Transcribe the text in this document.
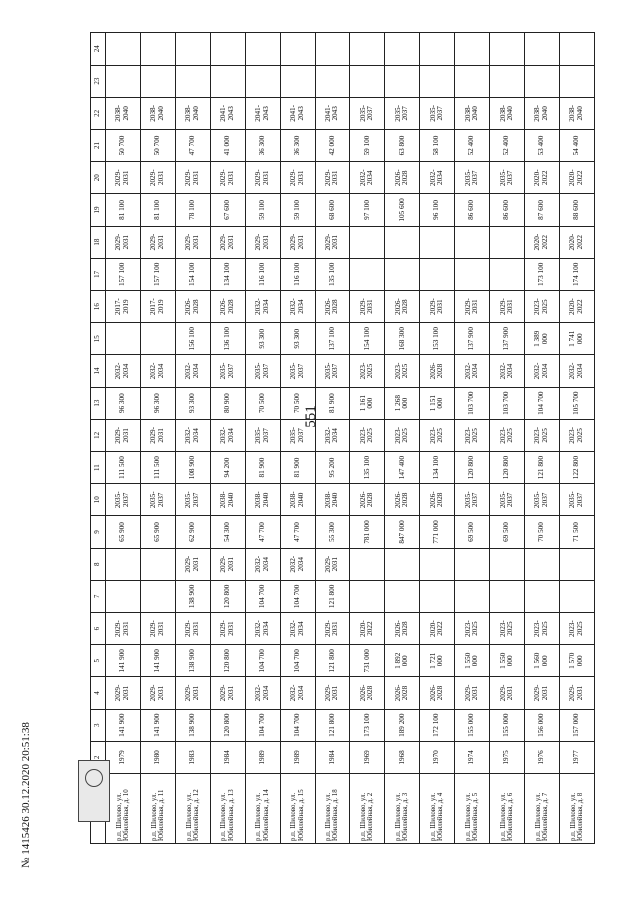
551
	2	3	4	5	6	7	8	9	10	11	12	13	14	15	16	17	18	19	20	21	22	23	24
р.п. Шилово, ул. Юбилейная, д. 10	1979	141 900	2029-2031	141 900	2029-2031			65 900	2035-2037	111 500	2029-2031	96 300	2032-2034		2017-2019	157 100	2029-2031	81 100	2029-2031	50 700	2038-2040		
р.п. Шилово, ул. Юбилейная, д. 11	1980	141 900	2029-2031	141 900	2029-2031			65 900	2035-2037	111 500	2029-2031	96 300	2032-2034		2017-2019	157 100	2029-2031	81 100	2029-2031	50 700	2038-2040		
р.п. Шилово, ул. Юбилейная, д. 12	1983	138 900	2029-2031	138 900	2029-2031	138 900	2029-2031	62 900	2035-2037	108 900	2032-2034	93 300	2032-2034	156 100	2026-2028	154 100	2029-2031	78 100	2029-2031	47 700	2038-2040		
р.п. Шилово, ул. Юбилейная, д. 13	1984	120 800	2029-2031	120 800	2029-2031	120 800	2029-2031	54 300	2038-2040	94 200	2032-2034	80 900	2035-2037	136 100	2026-2028	134 100	2029-2031	67 600	2029-2031	41 000	2041-2043		
р.п. Шилово, ул. Юбилейная, д. 14	1989	104 700	2032-2034	104 700	2032-2034	104 700	2032-2034	47 700	2038-2040	81 900	2035-2037	70 500	2035-2037	93 300	2032-2034	116 100	2029-2031	59 100	2029-2031	36 300	2041-2043		
р.п. Шилово, ул. Юбилейная, д. 15	1989	104 700	2032-2034	104 700	2032-2034	104 700	2032-2034	47 700	2038-2040	81 900	2035-2037	70 500	2035-2037	93 300	2032-2034	116 100	2029-2031	59 100	2029-2031	36 300	2041-2043		
р.п. Шилово, ул. Юбилейная, д. 18	1984	121 800	2029-2031	121 800	2029-2031	121 800	2029-2031	55 300	2038-2040	95 200	2032-2034	81 900	2035-2037	137 100	2026-2028	135 100	2029-2031	68 600	2029-2031	42 000	2041-2043		
р.п. Шилово, ул. Юбилейная, д. 2	1969	173 100	2026-2028	731 000	2020-2022			781 000	2026-2028	135 100	2023-2025	1 161 000	2023-2025	154 100	2029-2031			97 100	2032-2034	59 100	2035-2037		
р.п. Шилово, ул. Юбилейная, д. 3	1968	189 200	2026-2028	1 892 000	2026-2028			847 000	2026-2028	147 400	2023-2025	1 268 000	2023-2025	168 300	2026-2028			105 600	2026-2028	63 800	2035-2037		
р.п. Шилово, ул. Юбилейная, д. 4	1970	172 100	2026-2028	1 721 000	2020-2022			771 000	2026-2028	134 100	2023-2025	1 151 000	2026-2028	153 100	2029-2031			96 100	2032-2034	58 100	2035-2037		
р.п. Шилово, ул. Юбилейная, д. 5	1974	155 000	2029-2031	1 550 000	2023-2025			69 500	2035-2037	120 800	2023-2025	103 700	2032-2034	137 900	2029-2031			86 600	2035-2037	52 400	2038-2040		
р.п. Шилово, ул. Юбилейная, д. 6	1975	155 000	2029-2031	1 550 000	2023-2025			69 500	2035-2037	120 800	2023-2025	103 700	2032-2034	137 900	2029-2031			86 600	2035-2037	52 400	2038-2040		
р.п. Шилово, ул. Юбилейная, д. 7	1976	156 000	2029-2031	1 560 000	2023-2025			70 500	2035-2037	121 800	2023-2025	104 700	2032-2034	1 389 000	2023-2025	173 100	2020-2022	87 600	2020-2022	53 400	2038-2040		
р.п. Шилово, ул. Юбилейная, д. 8	1977	157 000	2029-2031	1 570 000	2023-2025			71 500	2035-2037	122 800	2023-2025	105 700	2032-2034	1 741 000	2020-2022	174 100	2020-2022	88 600	2020-2022	54 400	2038-2040		
№ 1415426 30.12.2020 20:51:38
